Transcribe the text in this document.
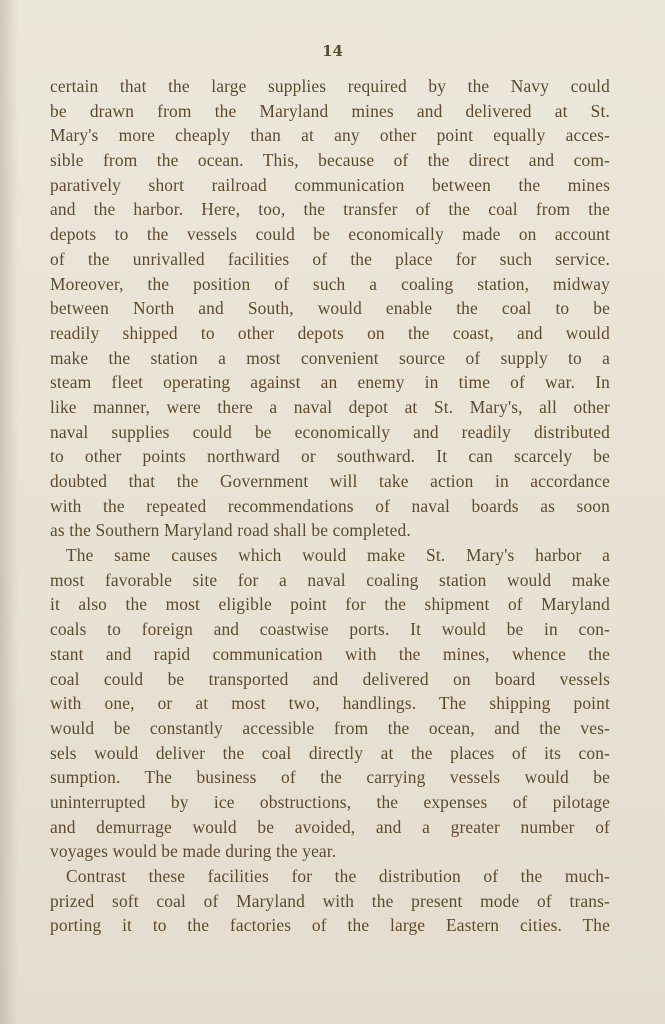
14
certain that the large supplies required by the Navy could
be drawn from the Maryland mines and delivered at St.
Mary's more cheaply than at any other point equally acces-
sible from the ocean. This, because of the direct and com-
paratively short railroad communication between the mines
and the harbor. Here, too, the transfer of the coal from the
depots to the vessels could be economically made on account
of the unrivalled facilities of the place for such service.
Moreover, the position of such a coaling station, midway
between North and South, would enable the coal to be
readily shipped to other depots on the coast, and would
make the station a most convenient source of supply to a
steam fleet operating against an enemy in time of war. In
like manner, were there a naval depot at St. Mary's, all other
naval supplies could be economically and readily distributed
to other points northward or southward. It can scarcely be
doubted that the Government will take action in accordance
with the repeated recommendations of naval boards as soon
as the Southern Maryland road shall be completed.
The same causes which would make St. Mary's harbor a
most favorable site for a naval coaling station would make
it also the most eligible point for the shipment of Maryland
coals to foreign and coastwise ports. It would be in con-
stant and rapid communication with the mines, whence the
coal could be transported and delivered on board vessels
with one, or at most two, handlings. The shipping point
would be constantly accessible from the ocean, and the ves-
sels would deliver the coal directly at the places of its con-
sumption. The business of the carrying vessels would be
uninterrupted by ice obstructions, the expenses of pilotage
and demurrage would be avoided, and a greater number of
voyages would be made during the year.
Contrast these facilities for the distribution of the much-
prized soft coal of Maryland with the present mode of trans-
porting it to the factories of the large Eastern cities. The
